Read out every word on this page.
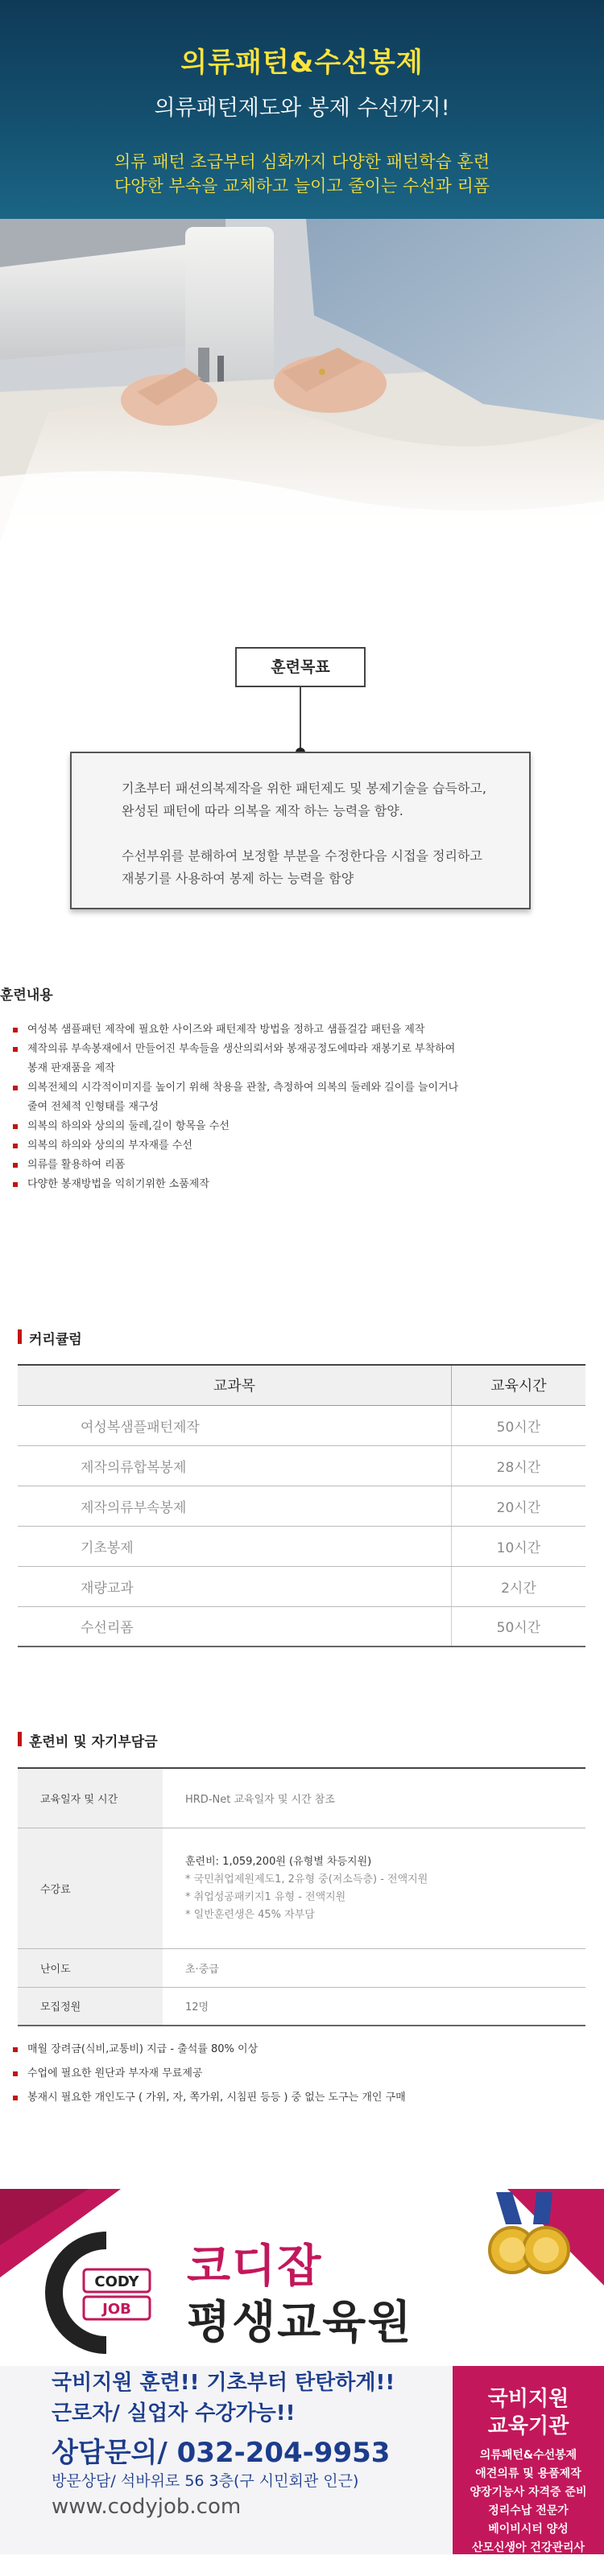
의류패턴&수선봉제
의류패턴제도와 봉제 수선까지!
의류 패턴 초급부터 심화까지 다양한 패턴학습 훈련
다양한 부속을 교체하고 늘이고 줄이는 수선과 리폼
훈련목표

기초부터 패션의복제작을 위한 패턴제도 및 봉제기술을 습득하고,
완성된 패턴에 따라 의복을 제작 하는 능력을 함양.

수선부위를 분해하여 보정할 부분을 수정한다음 시접을 정리하고
재봉기를 사용하여 봉제 하는 능력을 함양

훈련내용
여성복 샘플패턴 제작에 필요한 사이즈와 패턴제작 방법을 정하고 샘플걸감 패턴을 제작
제작의류 부속봉재에서 만들어진 부속들을 생산의뢰서와 봉재공정도에따라 재봉기로 부착하여
봉재 판재품을 제작
의복전체의 시각적이미지를 높이기 위해 착용을 관찰, 측정하여 의복의 둘레와 길이를 늘이거나
줄여 전체적 인형태를 재구성
의복의 하의와 상의의 둘레,길이 항목을 수선
의복의 하의와 상의의 부자재를 수선
의류를 활용하여 리폼
다양한 봉재방법을 익히기위한 소품제작
커리큘럼
교과목	교육시간
여성복샘플패턴제작	50시간
제작의류합복봉제	28시간
제작의류부속봉제	20시간
기초봉제	10시간
재량교과	2시간
수선리폼	50시간
훈련비 및 자기부담금
교육일자 및 시간	HRD-Net 교육일자 및 시간 참조
수강료	훈련비: 1,059,200원 (유형별 차등지원)
* 국민취업제원제도1, 2유형 중(저소득층) - 전액지원
* 취업성공패키지1 유형 - 전액지원
* 일반훈련생은 45% 자부담

난이도	초·중급
모집정원	12명
매월 장려금(식비,교통비) 지급 - 출석률 80% 이상
수업에 필요한 원단과 부자재 무료제공
봉재시 필요한 개인도구 ( 가위, 자, 쪽가위, 시침핀 등등 ) 중 없는 도구는 개인 구매
CODY
JOB
코디잡
평생교육원
국비지원 훈련!! 기초부터 탄탄하게!!
근로자/ 실업자 수강가능!!
상담문의/ 032-204-9953
방문상담/ 석바위로 56 3층(구 시민회관 인근)
www.codyjob.com
국비지원
교육기관
의류패턴&수선봉제
애견의류 및 용품제작
양장기능사 자격증 준비
정리수납 전문가
베이비시터 양성
산모신생아 건강관리사
컴퓨터활용/스마트 스토어
